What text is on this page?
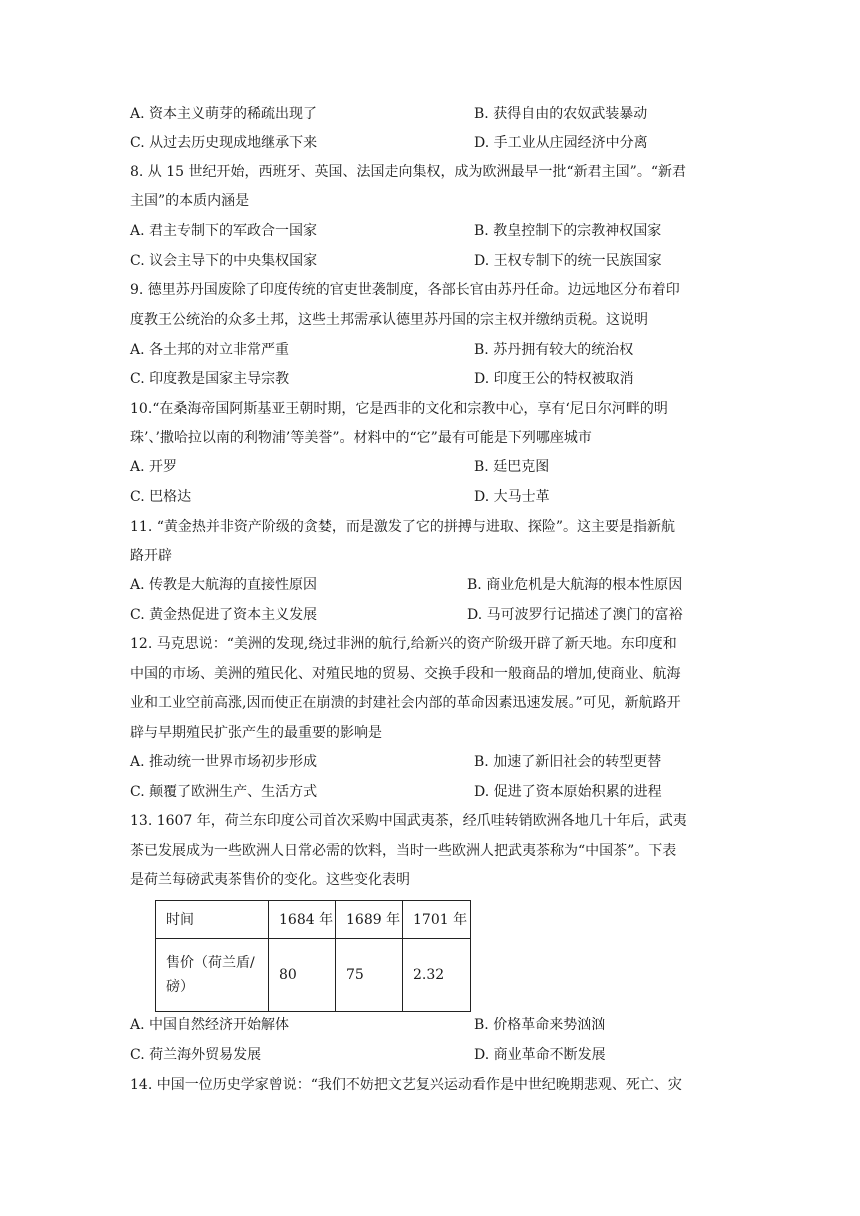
A. 资本主义萌芽的稀疏出现了	B. 获得自由的农奴武装暴动
C. 从过去历史现成地继承下来	D. 手工业从庄园经济中分离
8. 从 15 世纪开始，西班牙、英国、法国走向集权，成为欧洲最早一批“新君主国”。“新君
主国”的本质内涵是
A. 君主专制下的军政合一国家	B. 教皇控制下的宗教神权国家
C. 议会主导下的中央集权国家	D. 王权专制下的统一民族国家
9. 德里苏丹国废除了印度传统的官吏世袭制度，各部长官由苏丹任命。边远地区分布着印
度教王公统治的众多土邦，这些土邦需承认德里苏丹国的宗主权并缴纳贡税。这说明
A. 各土邦的对立非常严重	B. 苏丹拥有较大的统治权
C. 印度教是国家主导宗教	D. 印度王公的特权被取消
10.“在桑海帝国阿斯基亚王朝时期，它是西非的文化和宗教中心，享有‘尼日尔河畔的明
珠’、’撒哈拉以南的利物浦’等美誉”。材料中的“它”最有可能是下列哪座城市
A. 开罗	B. 廷巴克图
C. 巴格达	D. 大马士革
11. “黄金热并非资产阶级的贪婪，而是激发了它的拼搏与进取、探险”。这主要是指新航
路开辟
A. 传教是大航海的直接性原因	B. 商业危机是大航海的根本性原因
C. 黄金热促进了资本主义发展	D. 马可波罗行记描述了澳门的富裕
12. 马克思说：“美洲的发现,绕过非洲的航行,给新兴的资产阶级开辟了新天地。东印度和
中国的市场、美洲的殖民化、对殖民地的贸易、交换手段和一般商品的增加,使商业、航海
业和工业空前高涨,因而使正在崩溃的封建社会内部的革命因素迅速发展。”可见，新航路开
辟与早期殖民扩张产生的最重要的影响是
A. 推动统一世界市场初步形成	B. 加速了新旧社会的转型更替
C. 颠覆了欧洲生产、生活方式	D. 促进了资本原始积累的进程
13. 1607 年，荷兰东印度公司首次采购中国武夷茶，经爪哇转销欧洲各地几十年后，武夷
茶已发展成为一些欧洲人日常必需的饮料，当时一些欧洲人把武夷茶称为“中国茶”。下表
是荷兰每磅武夷茶售价的变化。这些变化表明
时间	1684 年	1689 年	1701 年

售价（荷兰盾/
磅）	80	75	2.32
A. 中国自然经济开始解体	B. 价格革命来势汹汹
C. 荷兰海外贸易发展	D. 商业革命不断发展
14. 中国一位历史学家曾说：“我们不妨把文艺复兴运动看作是中世纪晚期悲观、死亡、灾
